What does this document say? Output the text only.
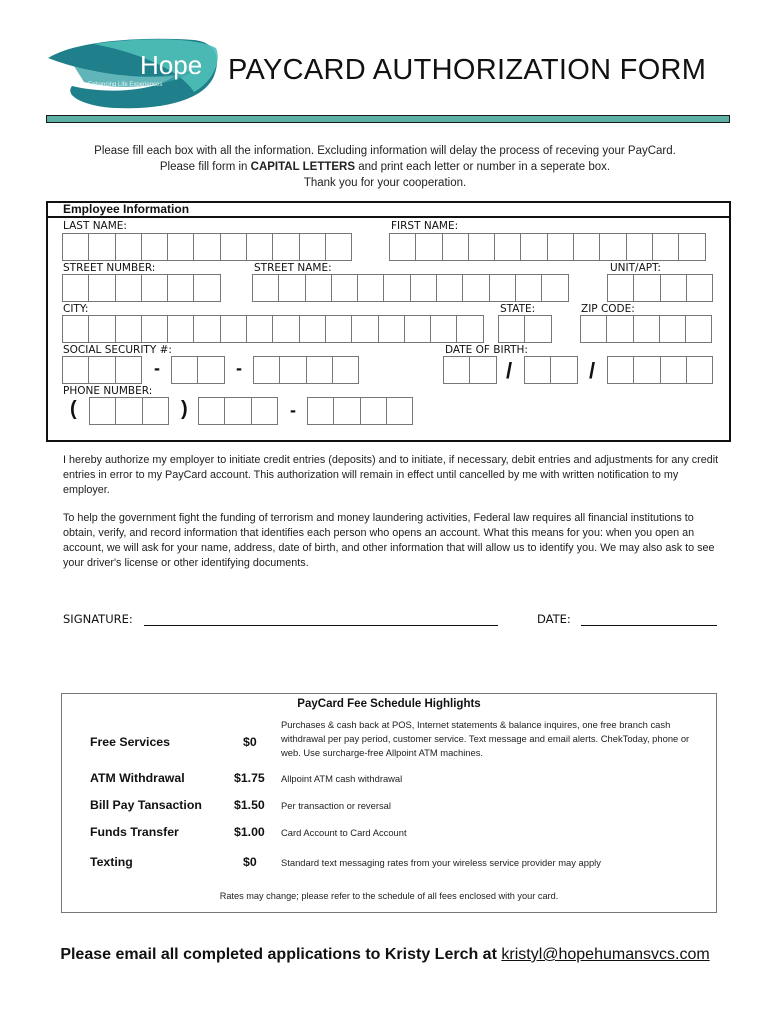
Hope
Enhancing Life Experiences PAYCARD AUTHORIZATION FORM
Please fill each box with all the information. Excluding information will delay the process of receving your PayCard.
Please fill form in CAPITAL LETTERS and print each letter or number in a seperate box.
Thank you for your cooperation.
Employee Information
LAST NAME:	FIRST NAME:
STREET NUMBER:	STREET NAME:	UNIT/APT:
CITY:	STATE:	ZIP CODE:
SOCIAL SECURITY #:	DATE OF BIRTH:
-	-	/	/
PHONE NUMBER:
(	)	-
I hereby authorize my employer to initiate credit entries (deposits) and to initiate, if necessary, debit entries and adjustments for any credit entries in error to my PayCard account. This authorization will remain in effect until cancelled by me with written notification to my employer.
To help the government fight the funding of terrorism and money laundering activities, Federal law requires all financial institutions to obtain, verify, and record information that identifies each person who opens an account. What this means for you: when you open an account, we will ask for your name, address, date of birth, and other information that will allow us to identify you. We may also ask to see your driver's license or other identifying documents.
SIGNATURE:	DATE:
PayCard Fee Schedule Highlights
Free Services	$0
Purchases & cash back at POS, Internet statements & balance inquires, one free branch cash withdrawal per pay period, customer service. Text message and email alerts. ChekToday, phone or web. Use surcharge-free Allpoint ATM machines.
ATM Withdrawal	$1.75 Allpoint ATM cash withdrawal
Bill Pay Tansaction	$1.50 Per transaction or reversal
Funds Transfer	$1.00 Card Account to Card Account
Texting	$0	Standard text messaging rates from your wireless service provider may apply
Rates may change; please refer to the schedule of all fees enclosed with your card.
Please email all completed applications to Kristy Lerch at kristyl@hopehumansvcs.com
